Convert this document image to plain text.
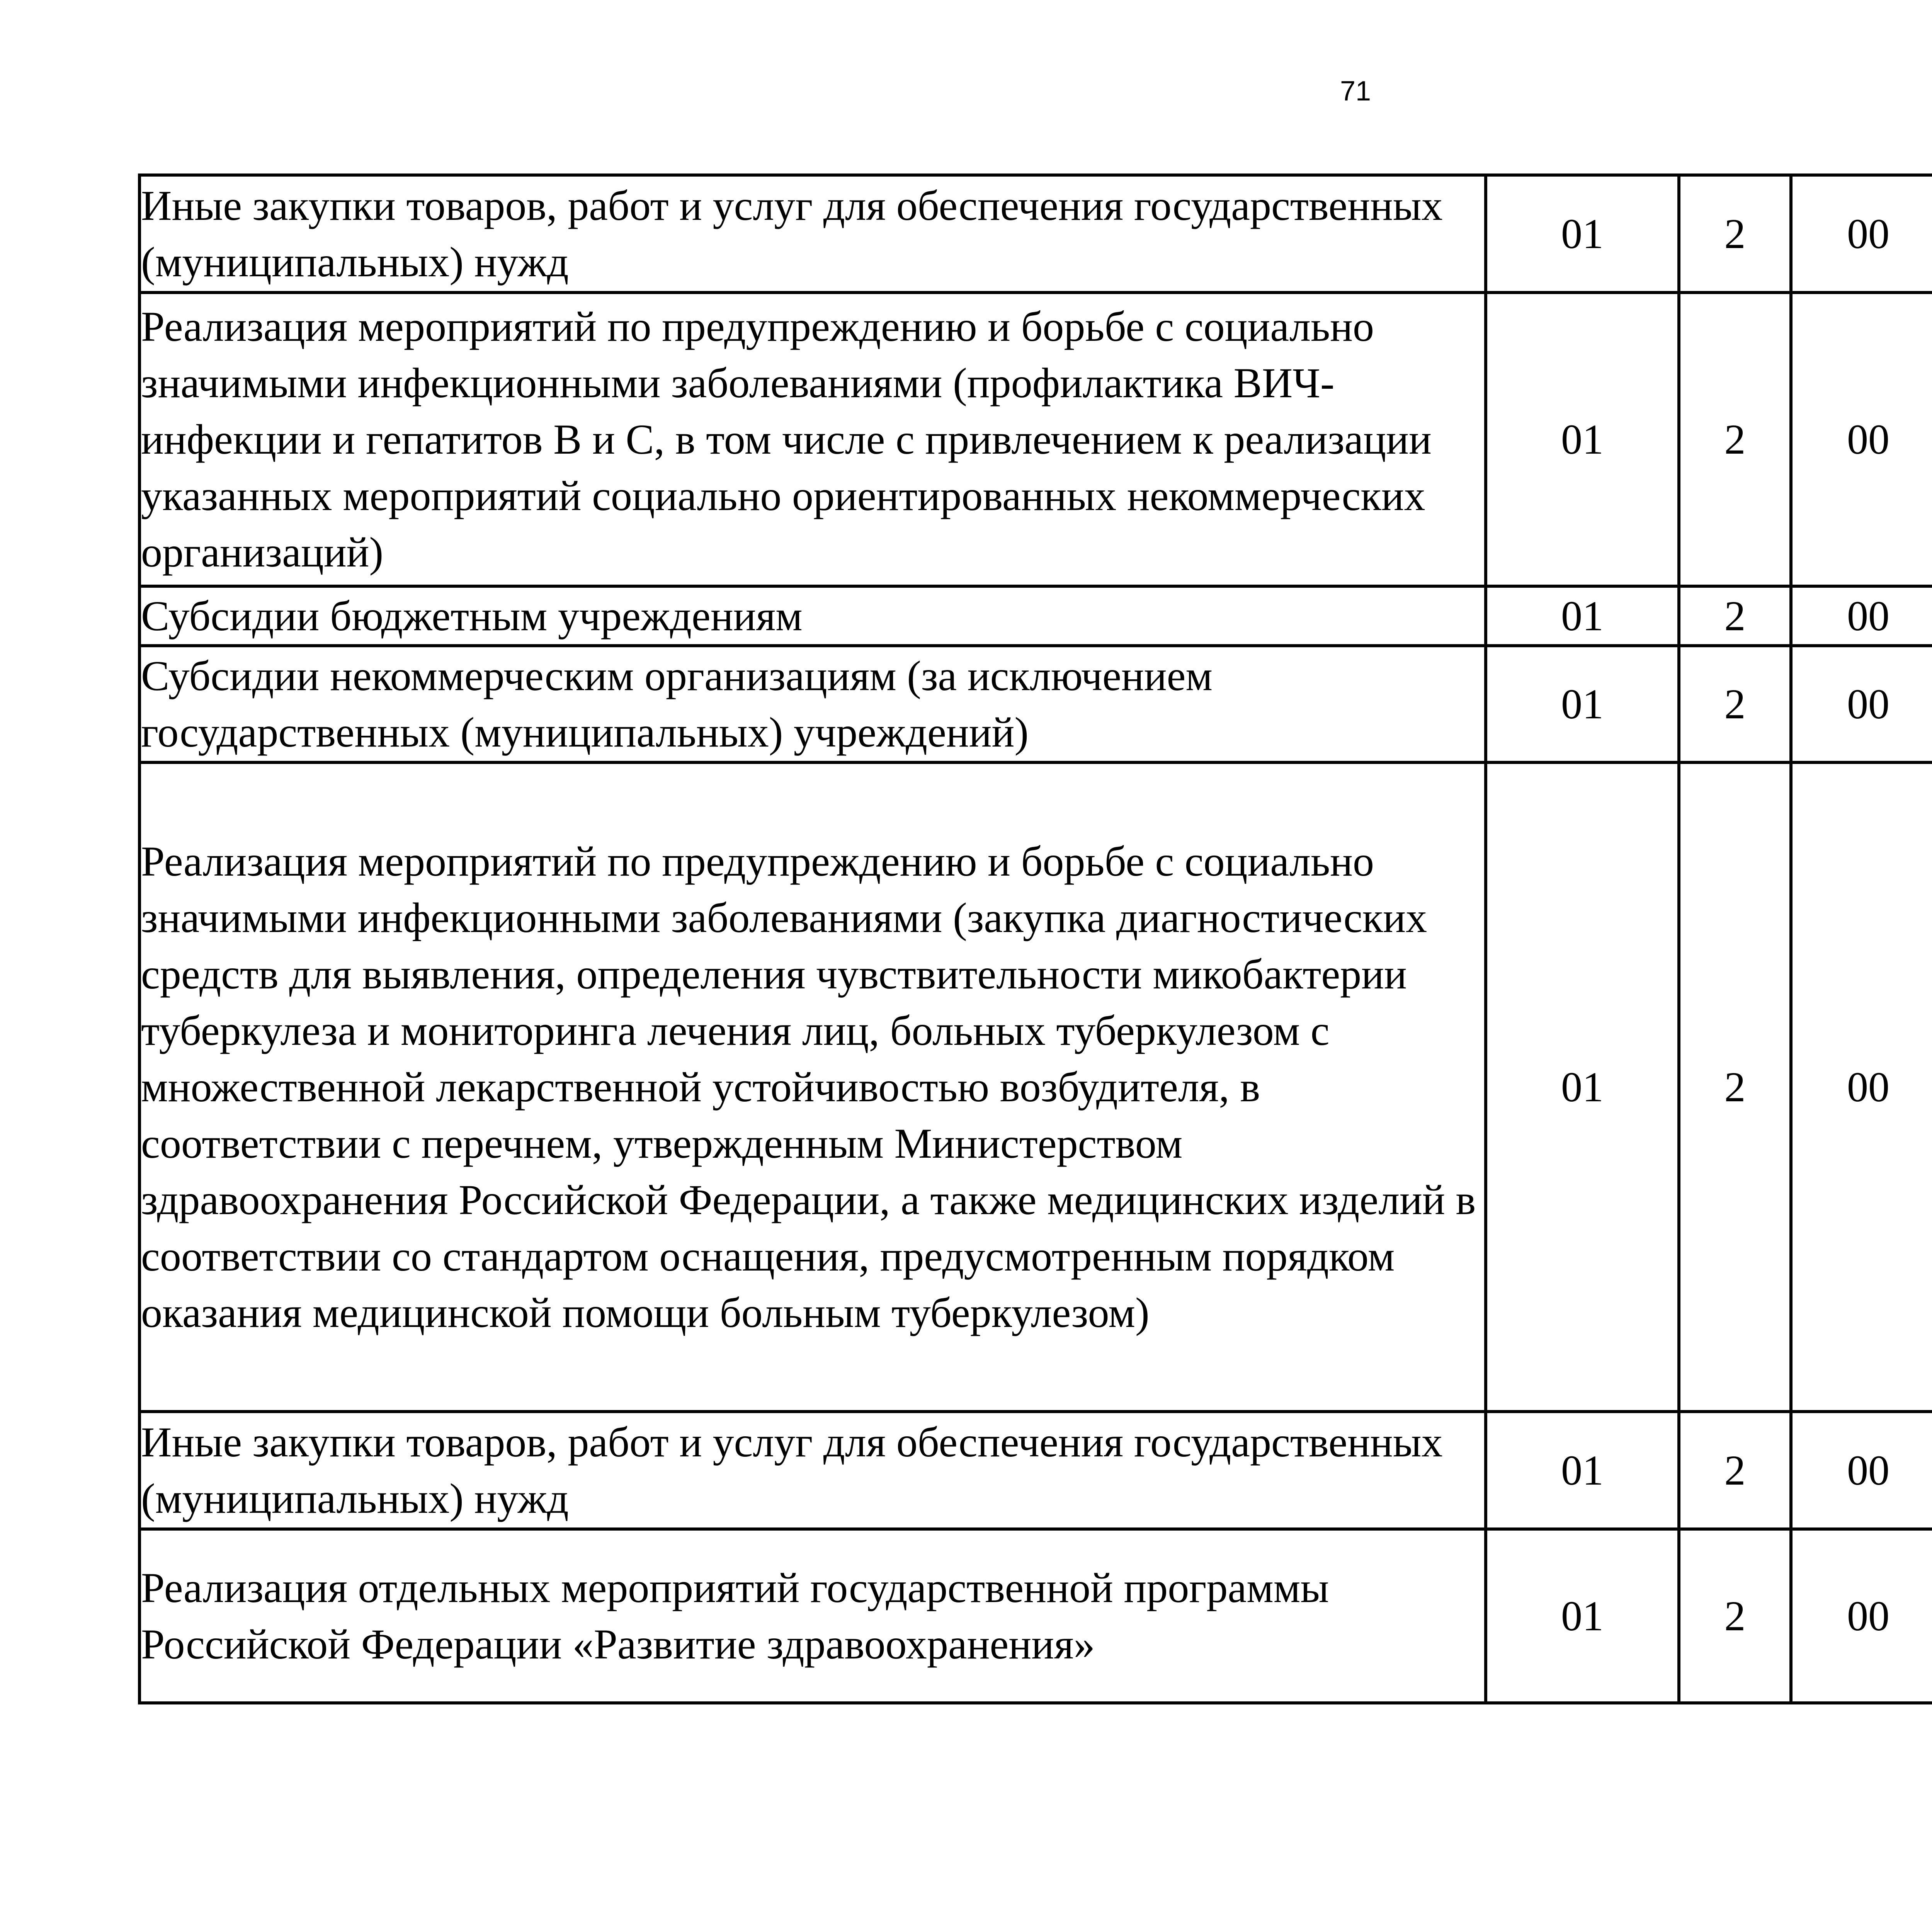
71
Иные закупки товаров, работ и услуг для обеспечения государственных (муниципальных) нужд	01	2	00			

Реализация мероприятий по предупреждению и борьбе с социально значимыми инфекционными заболеваниями (профилактика ВИЧ-инфекции и гепатитов B и C, в том числе с привлечением к реализации указанных мероприятий социально ориентированных некоммерческих организаций)	01	2	00			

Субсидии бюджетным учреждениям	01	2	00			

Субсидии некоммерческим организациям (за исключением государственных (муниципальных) учреждений)	01	2	00			

Реализация мероприятий по предупреждению и борьбе с социально значимыми инфекционными заболеваниями (закупка диагностических средств для выявления, определения чувствительности микобактерии туберкулеза и мониторинга лечения лиц, больных туберкулезом с множественной лекарственной устойчивостью возбудителя, в соответствии с перечнем, утвержденным Министерством здравоохранения Российской Федерации, а также медицинских изделий в соответствии со стандартом оснащения, предусмотренным порядком оказания медицинской помощи больным туберкулезом)	01	2	00			

Иные закупки товаров, работ и услуг для обеспечения государственных (муниципальных) нужд	01	2	00			

Реализация отдельных мероприятий государственной программы Российской Федерации «Развитие здравоохранения»	01	2	00			
